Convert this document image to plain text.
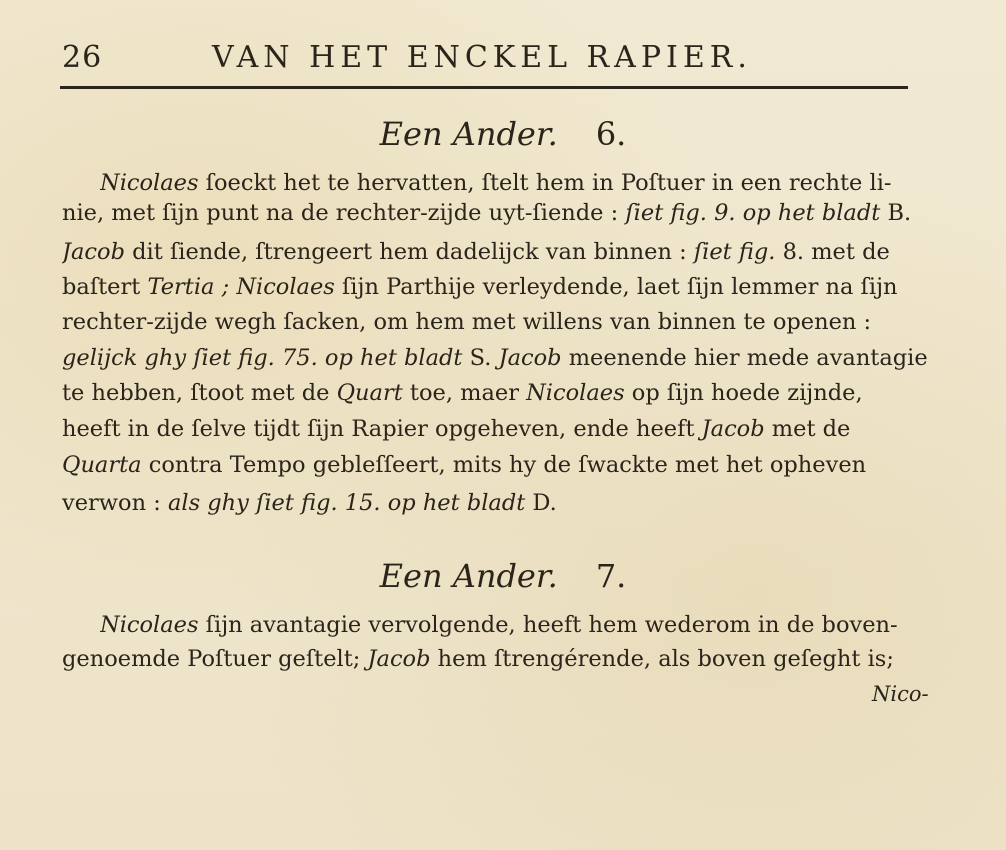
26	VAN HET ENCKEL RAPIER.
Een Ander. 6.
Nicolaes ſoeckt het te hervatten, ſtelt hem in Poſtuer in een rechte li-
nie, met ſijn punt na de rechter-zijde uyt-ſiende : ſiet fig. 9. op het bladt B.
Jacob dit ſiende, ſtrengeert hem dadelijck van binnen : ſiet fig. 8. met de
baſtert Tertia ; Nicolaes ſijn Parthije verleydende, laet ſijn lemmer na ſijn
rechter-zijde wegh ſacken, om hem met willens van binnen te openen :
gelijck ghy ſiet fig. 75. op het bladt S. Jacob meenende hier mede avantagie
te hebben, ſtoot met de Quart toe, maer Nicolaes op ſijn hoede zijnde,
heeft in de ſelve tijdt ſijn Rapier opgeheven, ende heeft Jacob met de
Quarta contra Tempo gebleſſeert, mits hy de ſwackte met het opheven
verwon : als ghy ſiet fig. 15. op het bladt D.
Een Ander. 7.
Nicolaes ſijn avantagie vervolgende, heeft hem wederom in de boven-
genoemde Poſtuer geſtelt; Jacob hem ſtrengérende, als boven geſeght is;
Nico-
